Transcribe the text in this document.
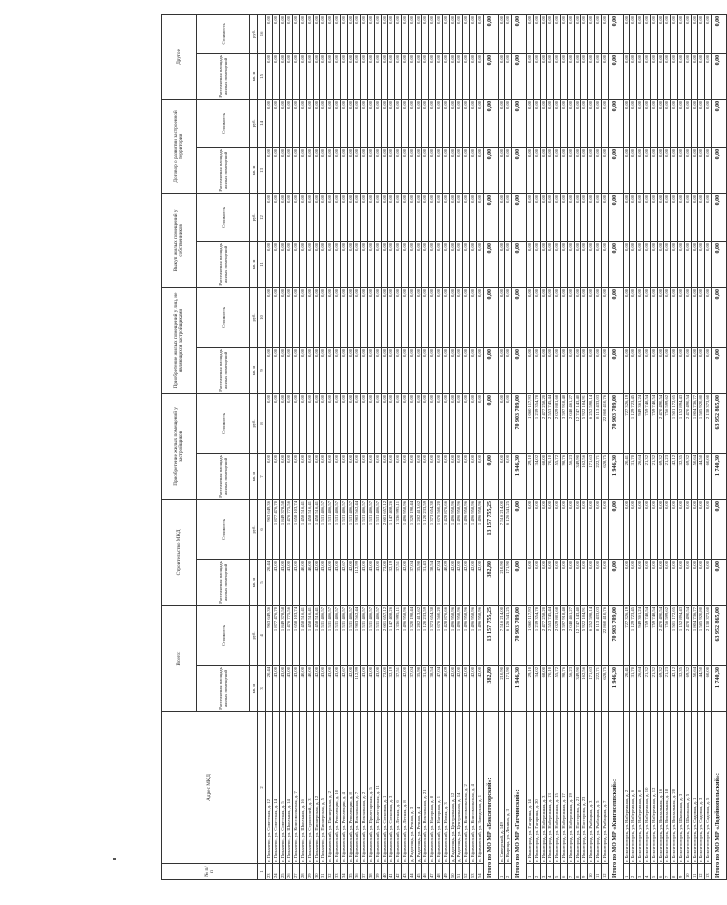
№ п/п	Адрес МКД	Всего:		Строительство МКД		Приобретение жилых помещений у застройщиков		Приобретение жилых помещений у лиц, не являющихся застройщиками		Выкуп жилых помещений у собственников		Договор о развитии застроенной территории		Другое	
		Расселяемая площадь жилых помещений	Стоимость	Расселяемая площадь жилых помещений	Стоимость	Расселяемая площадь жилых помещений	Стоимость	Расселяемая площадь жилых помещений	Стоимость	Расселяемая площадь жилых помещений	Стоимость	Расселяемая площадь жилых помещений	Стоимость	Расселяемая площадь жилых помещений	Стоимость
		кв. м	руб.	кв. м	руб.	кв. м	руб.	кв. м	руб.	кв. м	руб.	кв. м	руб.	кв. м	руб.
1	2	3	4	5	6	7	8	9	10	11	12	13	14	15	16
23	г. Пикалево, ул. Советская, д. 12	20,44	963 649,36	20,44	963 649,36	0,00	0,00	0,00	0,00	0,00	0,00	0,00	0,00	0,00	0,00
24	г. Пикалево, ул. Советская, д. 14	43,00	1 877 476,70	43,00	1 877 476,70	0,00	0,00	0,00	0,00	0,00	0,00	0,00	0,00	0,00	0,00
25	г. Пикалево, ул. Советская, д. 5	43,00	1 849 378,58	43,00	1 849 378,58	0,00	0,00	0,00	0,00	0,00	0,00	0,00	0,00	0,00	0,00
26	г. Пикалево, ул. Школьная, д. 14	43,00	1 476 775,56	43,00	1 476 775,56	0,00	0,00	0,00	0,00	0,00	0,00	0,00	0,00	0,00	0,00
27	г. Пикалево, ул. Комсомольская, д. 7	43,00	1 658 103,74	43,00	1 658 103,74	0,00	0,00	0,00	0,00	0,00	0,00	0,00	0,00	0,00	0,00
28	г. Пикалево, ул. Школьная, д. 16	40,00	1 458 516,41	40,00	1 458 516,41	0,00	0,00	0,00	0,00	0,00	0,00	0,00	0,00	0,00	0,00
29	г. Пикалево, ул. Строителей, д. 3	40,00	1 458 516,41	40,00	1 458 516,41	0,00	0,00	0,00	0,00	0,00	0,00	0,00	0,00	0,00	0,00
30	г. Пикалево, ул. Пионерская, д. 12	42,00	1 458 516,41	42,00	1 458 516,41	0,00	0,00	0,00	0,00	0,00	0,00	0,00	0,00	0,00	0,00
31	г. Пикалево, ул. Пионерская, д. 5	43,00	1 531 486,57	43,00	1 531 486,57	0,00	0,00	0,00	0,00	0,00	0,00	0,00	0,00	0,00	0,00
32	п. Ефимовский, ул. Пионерская, д. 2	43,00	1 531 486,57	43,00	1 531 486,57	0,00	0,00	0,00	0,00	0,00	0,00	0,00	0,00	0,00	0,00
33	п. Ефимовский, ул. Революции, д. 10	43,00	1 531 486,57	43,00	1 531 486,57	0,00	0,00	0,00	0,00	0,00	0,00	0,00	0,00	0,00	0,00
34	п. Ефимовский, ул. Революции, д. 4	42,67	1 531 486,57	42,67	1 531 486,57	0,00	0,00	0,00	0,00	0,00	0,00	0,00	0,00	0,00	0,00
35	п. Ефимовский, ул. Революции, д. 8	42,00	1 531 486,57	42,00	1 531 486,57	0,00	0,00	0,00	0,00	0,00	0,00	0,00	0,00	0,00	0,00
36	п. Ефимовский, ул. Вокзальная, д. 7	112,99	1 983 562,44	112,99	1 983 562,44	0,00	0,00	0,00	0,00	0,00	0,00	0,00	0,00	0,00	0,00
37	п. Ефимовский, ул. Вокзальная, д. 2	43,00	1 531 486,57	43,00	1 531 486,57	0,00	0,00	0,00	0,00	0,00	0,00	0,00	0,00	0,00	0,00
38	п. Ефимовский, ул. Пролетарская, д. 5	43,00	1 531 486,57	43,00	1 531 486,57	0,00	0,00	0,00	0,00	0,00	0,00	0,00	0,00	0,00	0,00
39	п. Ефимовский, ул. Пролетарская, д. 11	43,00	1 531 486,57	43,00	1 531 486,57	0,00	0,00	0,00	0,00	0,00	0,00	0,00	0,00	0,00	0,00
40	п. Ефимовский, ул. Сосновая, д. 1	73,00	2 601 657,12	73,00	2 601 657,12	0,00	0,00	0,00	0,00	0,00	0,00	0,00	0,00	0,00	0,00
41	п. Ефимовский, ул. Сосновая, д. 3	32,19	1 147 408,26	32,19	1 147 408,26	0,00	0,00	0,00	0,00	0,00	0,00	0,00	0,00	0,00	0,00
42	п. Ефимовский, ул. Лесная, д. 6	37,51	1 336 995,11	37,51	1 336 995,11	0,00	0,00	0,00	0,00	0,00	0,00	0,00	0,00	0,00	0,00
43	п. Ефимовский, ул. Лесная, д. 8	42,00	1 496 958,96	42,00	1 496 958,96	0,00	0,00	0,00	0,00	0,00	0,00	0,00	0,00	0,00	0,00
44	д. Радогощь, ул. Речная, д. 3	37,04	1 320 198,44	37,04	1 320 198,44	0,00	0,00	0,00	0,00	0,00	0,00	0,00	0,00	0,00	0,00
45	д. Радогощь, ул. Речная, д. 4	35,98	1 282 413,62	35,98	1 282 413,62	0,00	0,00	0,00	0,00	0,00	0,00	0,00	0,00	0,00	0,00
46	п. Ефимовский, ул. Вокзальная, д. 21	31,43	1 120 233,59	31,43	1 120 233,59	0,00	0,00	0,00	0,00	0,00	0,00	0,00	0,00	0,00	0,00
47	п. Ефимовский, ул. Нагорная, д. 8	38,54	1 373 654,38	38,54	1 373 654,38	0,00	0,00	0,00	0,00	0,00	0,00	0,00	0,00	0,00	0,00
48	п. Ефимовский, ул. Нагорная, д. 1	47,04	1 676 560,20	47,04	1 676 560,20	0,00	0,00	0,00	0,00	0,00	0,00	0,00	0,00	0,00	0,00
49	п. Ефимовский, ул. Новая, д. 3	40,09	1 428 876,66	40,09	1 428 876,66	0,00	0,00	0,00	0,00	0,00	0,00	0,00	0,00	0,00	0,00
50	д. Радогощь, ул. Центральная, д. 12	42,00	1 496 958,96	42,00	1 496 958,96	0,00	0,00	0,00	0,00	0,00	0,00	0,00	0,00	0,00	0,00
51	д. Радогощь, ул. Центральная, д. 14	42,00	1 496 958,96	42,00	1 496 958,96	0,00	0,00	0,00	0,00	0,00	0,00	0,00	0,00	0,00	0,00
52	п. Ефимовский, ул. Комсомольская, д. 2	42,00	1 496 958,96	42,00	1 496 958,96	0,00	0,00	0,00	0,00	0,00	0,00	0,00	0,00	0,00	0,00
53	п. Ефимовский, ул. Комсомольская, д. 4	42,00	1 496 958,96	42,00	1 496 958,96	0,00	0,00	0,00	0,00	0,00	0,00	0,00	0,00	0,00	0,00
54	п. Ефимовский, ул. Заводская, д. 1	42,00	1 496 958,96	42,00	1 496 958,96	0,00	0,00	0,00	0,00	0,00	0,00	0,00	0,00	0,00	0,00
Итого по МО МР «Бокситогорский»:		382,80	13 157 755,25	382,80	13 157 755,25	0,00	0,00	0,00	0,00	0,00	0,00	0,00	0,00	0,00	0,00
1	п. Сиверский, д. 149	210,90	7 516 214,00	210,90	7 516 214,00	0,00	0,00	0,00	0,00	0,00	0,00	0,00	0,00	0,00	0,00
2	п. Вырица, ул. Ленина, д. 3	171,90	6 126 541,25	171,90	6 126 541,25	0,00	0,00	0,00	0,00	0,00	0,00	0,00	0,00	0,00	0,00
Итого по МО МР «Гатчинский»:		1 946,30	70 903 709,00	0,00	0,00	1 946,30	70 903 709,00	0,00	0,00	0,00	0,00	0,00	0,00	0,00	0,00
1	г. Ивангород, ул. Гагарина, д. 14	29,10	1 060 117,93	0,00	0,00	29,10	1 060 117,93	0,00	0,00	0,00	0,00	0,00	0,00	0,00	0,00
2	г. Ивангород, ул. Гагарина, д. 20	34,02	1 239 354,78	0,00	0,00	34,02	1 239 354,78	0,00	0,00	0,00	0,00	0,00	0,00	0,00	0,00
3	г. Ивангород, ул. Набережная, д. 3	68,00	2 477 258,20	0,00	0,00	68,00	2 477 258,20	0,00	0,00	0,00	0,00	0,00	0,00	0,00	0,00
4	г. Ивангород, ул. Набережная, д. 13	70,10	2 553 745,44	0,00	0,00	70,10	2 553 745,44	0,00	0,00	0,00	0,00	0,00	0,00	0,00	0,00
5	г. Ивангород, ул. Набережная, д. 15	55,72	2 029 881,68	0,00	0,00	55,72	2 029 881,68	0,00	0,00	0,00	0,00	0,00	0,00	0,00	0,00
6	г. Ивангород, ул. Набережная, д. 17	98,76	3 597 918,48	0,00	0,00	98,76	3 597 918,48	0,00	0,00	0,00	0,00	0,00	0,00	0,00	0,00
7	г. Ивангород, ул. Набережная, д. 19	56,23	2 048 461,27	0,00	0,00	56,23	2 048 461,27	0,00	0,00	0,00	0,00	0,00	0,00	0,00	0,00
8	г. Ивангород, ул. Пасторова, д. 21	349,90	12 747 143,40	0,00	0,00	349,90	12 747 143,40	0,00	0,00	0,00	0,00	0,00	0,00	0,00	0,00
9	г. Ивангород, ул. Пасторова, д. 23	162,56	5 922 184,91	0,00	0,00	162,56	5 922 184,91	0,00	0,00	0,00	0,00	0,00	0,00	0,00	0,00
10	г. Ивангород, ул. Рыбацкая, д. 3	171,63	6 252 598,14	0,00	0,00	171,63	6 252 598,14	0,00	0,00	0,00	0,00	0,00	0,00	0,00	0,00
11	г. Ивангород, ул. Рыбацкая, д. 5	222,71	8 113 433,03	0,00	0,00	222,71	8 113 433,03	0,00	0,00	0,00	0,00	0,00	0,00	0,00	0,00
12	г. Ивангород, ул. Рыбацкая, д. 7	628,75	22 860 410,76	0,00	0,00	628,75	22 860 410,76	0,00	0,00	0,00	0,00	0,00	0,00	0,00	0,00
Итого по МО МР «Кингисеппский»:		1 946,30	70 903 709,00	0,00	0,00	1 946,30	70 903 709,00	0,00	0,00	0,00	0,00	0,00	0,00	0,00	0,00
1	г. Бокситогорск, ул. Набережная, д. 2	20,41	727 326,19	0,00	0,00	20,41	727 326,19	0,00	0,00	0,00	0,00	0,00	0,00	0,00	0,00
2	г. Бокситогорск, ул. Набережная, д. 6	31,70	1 129 723,45	0,00	0,00	31,70	1 129 723,45	0,00	0,00	0,00	0,00	0,00	0,00	0,00	0,00
3	г. Бокситогорск, ул. Набережная, д. 8	26,64	949 361,24	0,00	0,00	26,64	949 361,24	0,00	0,00	0,00	0,00	0,00	0,00	0,00	0,00
4	г. Бокситогорск, ул. Набережная, д. 10	21,32	759 748,54	0,00	0,00	21,32	759 748,54	0,00	0,00	0,00	0,00	0,00	0,00	0,00	0,00
5	г. Бокситогорск, ул. Набережная, д. 12	21,32	759 748,54	0,00	0,00	21,32	759 748,54	0,00	0,00	0,00	0,00	0,00	0,00	0,00	0,00
6	г. Бокситогорск, ул. Вокзальная, д. 16	69,32	2 470 490,54	0,00	0,00	69,32	2 470 490,54	0,00	0,00	0,00	0,00	0,00	0,00	0,00	0,00
7	г. Бокситогорск, ул. Вокзальная, д. 18	21,23	756 599,62	0,00	0,00	21,23	756 599,62	0,00	0,00	0,00	0,00	0,00	0,00	0,00	0,00
8	г. Бокситогорск, ул. Вокзальная, д. 20	42,12	1 501 172,65	0,00	0,00	42,12	1 501 172,65	0,00	0,00	0,00	0,00	0,00	0,00	0,00	0,00
9	г. Бокситогорск, ул. Школьная, д. 3	32,35	1 152 894,43	0,00	0,00	32,35	1 152 894,43	0,00	0,00	0,00	0,00	0,00	0,00	0,00	0,00
10	г. Бокситогорск, ул. Школьная, д. 5	69,32	2 470 490,54	0,00	0,00	69,32	2 470 490,54	0,00	0,00	0,00	0,00	0,00	0,00	0,00	0,00
11	г. Бокситогорск, ул. Садовая, д. 1	50,64	1 804 736,77	0,00	0,00	50,64	1 804 736,77	0,00	0,00	0,00	0,00	0,00	0,00	0,00	0,00
12	г. Бокситогорск, ул. Садовая, д. 3	44,50	1 585 920,80	0,00	0,00	44,50	1 585 920,80	0,00	0,00	0,00	0,00	0,00	0,00	0,00	0,00
13	г. Бокситогорск, ул. Садовая, д. 5	60,00	2 138 373,60	0,00	0,00	60,00	2 138 373,60	0,00	0,00	0,00	0,00	0,00	0,00	0,00	0,00
Итого по МО МР «Лодейнопольский»:		1 740,30	63 952 865,00	0,00	0,00	1 740,30	63 952 865,00	0,00	0,00	0,00	0,00	0,00	0,00	0,00	0,00
